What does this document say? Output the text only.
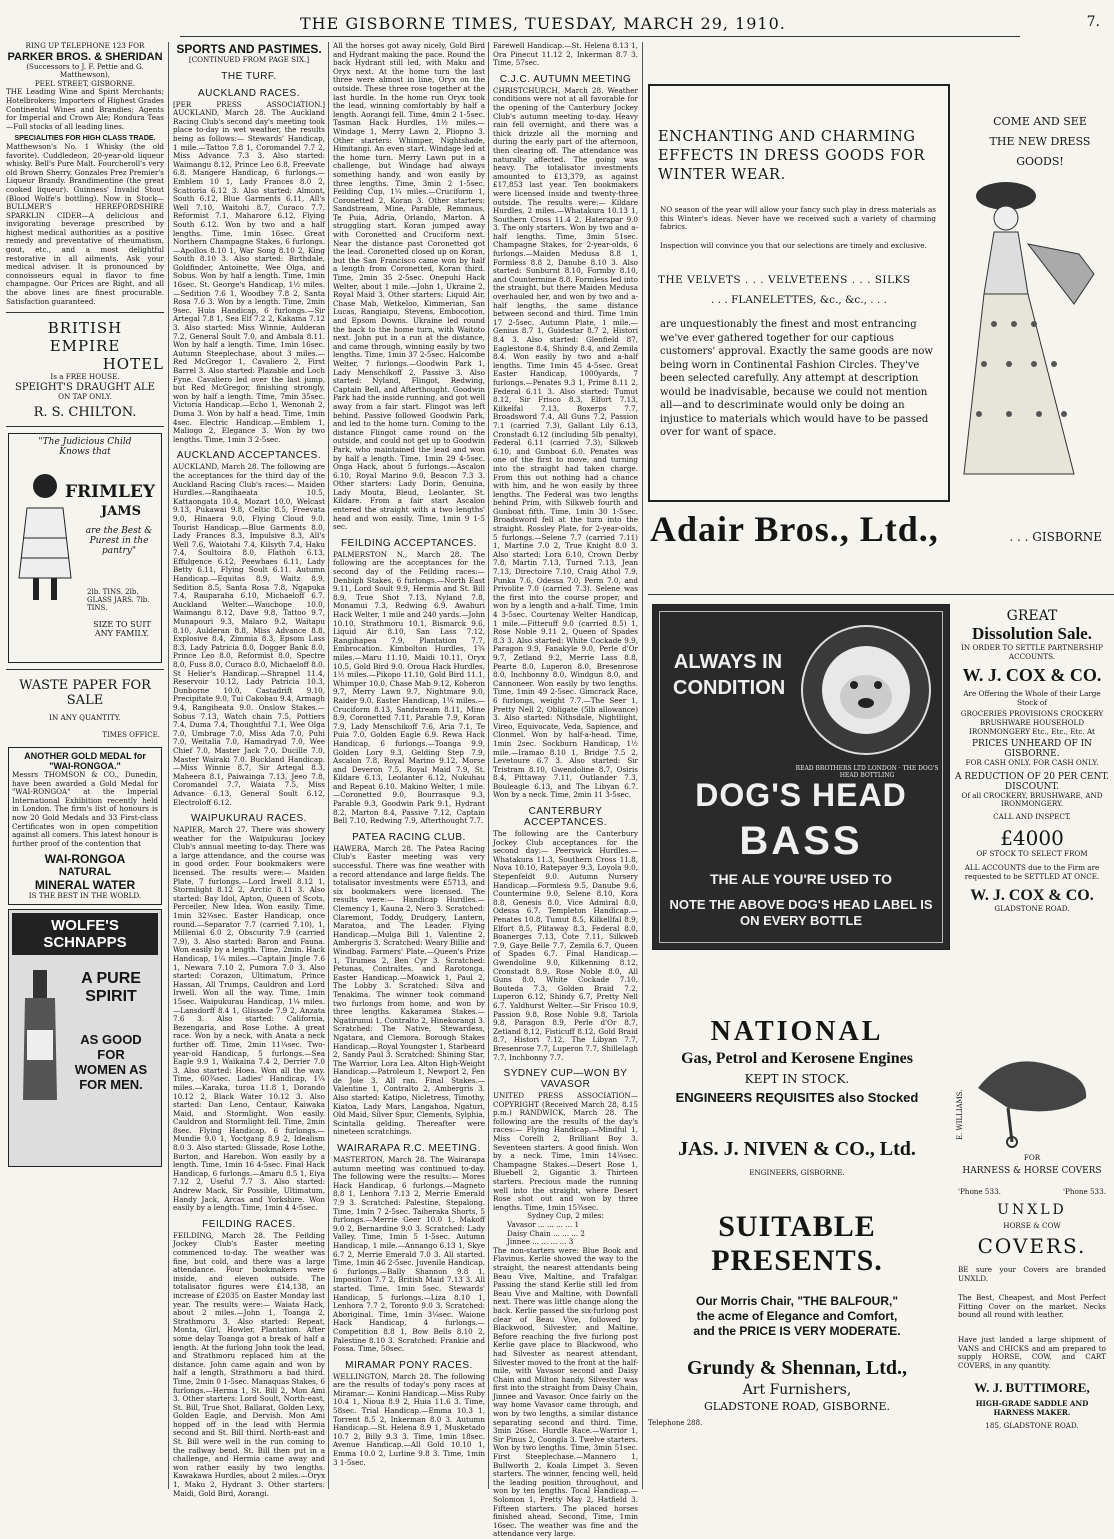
THE GISBORNE TIMES, TUESDAY, MARCH 29, 1910.	7.
RING UP TELEPHONE 123 FOR
PARKER BROS. & SHERIDAN
(Successors to J. F. Pettie and G. Matthewson),
PEEL STREET, GISBORNE.
THE Leading Wine and Spirit Merchants; Hotelbrokers; Importers of Highest Grades Continental Wines and Brandies; Agents for Imperial and Crown Ale; Rondura Teas—Full stocks of all leading lines.
SPECIALITIES FOR HIGH CLASS TRADE.
Matthewson's No. 1 Whisky (the old favorite). Cuddledeon, 20-year-old liqueur whisky. Bell's Pure Malt. Fourcheroll's very old Brown Sherry. Gonzales Prez Premier's Liqueur Brandy. Brandimentine (the great cooked liqueur). Guinness' Invalid Stout (Blood Wolfe's bottling). Now in Stock—BULLMER'S HEREFORDSHIRE SPARKLIN CIDER—A delicious and invigorating beverage prescribed by highest medical authorities as a positive remedy and preventative of rheumatism, gout, etc., and a most delightful restorative in all ailments. Ask your medical adviser. It is pronounced by connoisseurs equal in flavor to fine champagne. Our Prices are Right, and all the above lines are finest procurable. Satisfaction guaranteed.
BRITISH
EMPIRE
HOTEL
Is a FREE HOUSE.
SPEIGHT'S DRAUGHT ALE
ON TAP ONLY.
R. S. CHILTON.
"The Judicious Child Knows that
FRIMLEY
JAMS
are the Best & Purest in the pantry"
2lb. TINS. 2lb. GLASS JARS. 7lb. TINS.
SIZE TO SUIT ANY FAMILY.
WASTE PAPER FOR SALE
IN ANY QUANTITY.
TIMES OFFICE.
ANOTHER GOLD MEDAL for "WAI-RONGOA."
Messrs THOMSON & CO., Dunedin, have been awarded a Gold Medal for "WAI-RONGOA" at the Imperial International Exhibition recently held in London. The firm's list of honours is now 20 Gold Medals and 33 First-class Certificates won in open competition against all comers. This latest honour is further proof of the contention that
WAI-RONGOA
NATURAL
MINERAL WATER
IS THE BEST IN THE WORLD.
WOLFE'S SCHNAPPS
A PURE SPIRIT
AS GOOD FOR WOMEN AS FOR MEN.
SPORTS AND PASTIMES.
[CONTINUED FROM PAGE SIX.]
THE TURF.
AUCKLAND RACES.
[PER PRESS ASSOCIATION.] AUCKLAND, March 28. The Auckland Racing Club's second day's meeting took place to-day in wet weather, the results being as follows:— Stewards' Handicap, 1 mile.—Tattoo 7.8 1, Coromandel 7.7 2, Miss Advance 7.3 3. Also started: Waimangu 8.12, Prince Leo 6.8, Freevate 6.8. Mangere Handicap, 6 furlongs.—Emblem 10 1, Lady Frances 8.0 2, Scattoria 6.12 3. Also started: Almont, South 6.12, Blue Garments 6.11, All's Well 7.10, Waitohi 8.7, Curaco 7.7, Reformist 7.1, Maharore 6.12, Flying South 6.12. Won by two and a half lengths. Time, 1min 16sec. Great Northern Champagne Stakes, 6 furlongs.—Apollos 8.10 1, War Song 8.10 2, King South 8.10 3. Also started: Birthdale, Goldfinder, Antoinette, Wee Olga, and Sobus. Won by half a length. Time, 1min 16sec. St. George's Handicap, 1½ miles.—Sedition 7.6 1, Woodbey 7.8 2, Santa Rosa 7.6 3. Won by a length. Time, 2min 9sec. Huia Handicap, 6 furlongs.—Sir Artegal 7.8 1, Sea Elf 7.2 2, Kakama 7.12 3. Also started: Miss Winnie, Aulderan 7.2, General Soult 7.0, and Ambala 8.11. Won by half a length. Time, 1min 16sec. Autumn Steeplechase, about 3 miles.—Red McGregor 1, Cavaliero 2, First Barrel 3. Also started: Plazable and Loch Fyne. Cavaliero led over the last jump, but Red McGregor, finishing strongly, won by half a length. Time, 7min 35sec. Victoria Handicap.—Echo 1, Wenonah 2, Duma 3. Won by half a head. Time, 1min 4sec. Electric Handicap.—Emblem 1, Maliogo 2, Elegance 3. Won by two lengths. Time, 1min 3 2-5sec.
AUCKLAND ACCEPTANCES.
AUCKLAND, March 28. The following are the acceptances for the third day of the Auckland Racing Club's races:— Maiden Hurdles.—Rangihaeata 10.5, Kattaongata 10.4, Mozart 10.0, Welcast 9.13, Pukawai 9.8, Celtic 8.5, Freevata 9.0, Hinaera 9.0, Flying Cloud 9.0. Tourist Handicap.—Blue Garments 8.0, Lady Frances 8.3, Impulsive 8.3, All's Well 7.6, Waiotahi 7.4, Kilsyth 7.4, Haku 7.4, Soultoira 8.0, Flathoh 6.13, Effulgence 6.12, Peewhaes 6.11, Lady Betty 6.11, Flying Soult 6.11. Autumn Handicap.—Equitas 8.9, Waitz 8.9, Sedition 8.5, Santa Rosa 7.8, Ngapuka 7.4, Rauparaha 6.10, Michaeloff 6.7. Auckland Welter.—Waucbope 10.0, Waimangu 8.12, Dave 9.8, Tattoo 9.7, Munapouri 9.3, Malaro 9.2, Waitapu 8.10, Aulderan 8.8, Miss Advance 8.8, Explosive 8.4, Zimmia 8.3, Epsom Lass 8.3, Lady Patricia 8.0, Dogger Bank 8.0, Prince Leo 8.0, Reformist 8.0, Spectre 8.0, Fuss 8.0, Curaco 8.0, Michaeloff 8.0. St Helier's Handicap.—Shrapnel 11.4, Reservoir 10.12, Lady Patricia 10.3, Dunborne 10.0, Castadrift 9.10, Precipitate 9.0, Tui Cakobau 9.4, Armagh 9.4, Rangiheata 9.0. Onslow Stakes.—Sobus 7.13, Watch chain 7.5, Pottiers 7.4, Duma 7.4, Thoughtful 7.1, Wee Olga 7.0, Umbrage 7.0, Miss Ada 7.0, Puhi 7.0, Weitalia 7.0, Hamadryad 7.0, Wee Chief 7.0, Master Jack 7.0, Ducille 7.0, Master Wairaki 7.0. Buckland Handicap.—Miss Winnie 8.7, Sir Artegal 8.3, Maheera 8.1, Paiwainga 7.13, Jeeo 7.8, Coromandel 7.7, Waiata 7.5, Miss Advance 6.13, General Soult 6.12, Electroloff 6.12.
WAIPUKURAU RACES.
NAPIER, March 27. There was showery weather for the Waipukurau Jockey Club's annual meeting to-day. There was a large attendance, and the course was in good order. Four bookmakers were licensed. The results were:— Maiden Plate, 7 furlongs.—Lord Irwell 8.12 1, Stormlight 8.12 2, Arctic 8.11 3. Also started: Bay Idol, Apton, Queen of Scots, Perceiler, New Idea. Won easily. Time, 1min 32¼sec. Easter Handicap, once round.—Separator 7.7 (carried 7.10), 1, Millenial 6.0 2, Obscurity 7.9 (carried 7.9), 3. Also started: Baron and Fauna. Won easily by a length. Time, 2min. Hack Handicap, 1¼ miles.—Captain Jingle 7.6 1, Newara 7.10 2, Pumora 7.0 3. Also started: Corazon, Ultimatum, Prince Hassan, All Trumps, Cauldron and Lord Irwell. Won all the way. Time, 1min 15sec. Waipukurau Handicap, 1¼ miles.—Lansdorff 8.4 1, Glissade 7.9 2, Anzata 7.6 3. Also started: California, Bezengaria, and Rose Lothe. A great race. Won by a neck, with Anata a neck further off. Time, 2min 11¼sec. Two-year-old Handicap, 5 furlongs.—Sea Eagle 9.9 1, Waikaina 7.4 2, Derrier 7.0 3. Also started: Hoea. Won all the way. Time, 60¾sec. Ladies' Handicap, 1¼ miles.—Karaka, turoa 11.8 1, Dorando 10.12 2, Black Water 10.12 3. Also started: Dan Leno, Centaur, Kaiwaka Maid, and Stormlight. Won easily. Cauldron and Stormlight fell. Time, 2min 8sec. Flying Handicap, 6 furlongs.—Mundie 9.0 1, Yoctgang 8.9 2, Idealism 8.0 3. Also started: Glissade, Rose Lothe, Burton, and Harebon. Won easily by a length. Time, 1min 16 4-5sec. Final Hack Handicap, 6 furlongs.—Amaru 8.5 1, Eiya 7.12 2, Useful 7.7 3. Also started: Andrew Mack, Sir Possible, Ultimatum, Handy Jack, Arcas and Yorkshire. Won easily by a length. Time, 1min 4 4-5sec.
FEILDING RACES.
FEILDING, March 28. The Feilding Jockey Club's Easter meeting commenced to-day. The weather was fine, but cold, and there was a large attendance. Four bookmakers were inside, and eleven outside. The totalisator figures were £14,138, an increase of £2035 on Easter Monday last year. The results were:— Waiata Hack, about 2 miles.—John 1, Toanga 2, Strathmoru 3. Also started: Repeat, Monta, Girl, Howler, Plantation. After some delay Toanga got a break of half a length. At the furlong John took the lead, and Strathmoru replaced him at the distance. John came again and won by half a length, Strathmoru a bad third. Time, 2min 0 1-5sec. Manaquas Stakes, 6 furlongs.—Herma 1, St. Bill 2, Mon Ami 3. Other starters: Lord Soult, North-east, St. Bill, True Shot, Ballarat, Golden Lexy, Golden Eagle, and Dervish. Mon Ami hopped off in the lead with Hermia second and St. Bill third. North-east and St. Bill were well in the run coming to the railway bend. St. Bill then put in a challenge, and Hermia came away and won rather easily by two lengths. Kawakawa Hurdles, about 2 miles.—Oryx 1, Maku 2, Hydrant 3. Other starters: Maidi, Gold Bird, Aorangi.
All the horses got away nicely, Gold Bird and Hydrant making the pace. Round the back Hydrant still led, with Maku and Oryx next. At the home turn the last three were almost in line, Oryx on the outside. These three rose together at the last hurdle. In the home run Oryx took the lead, winning comfortably by half a length. Aorangi fell. Time, 4min 2 1-5sec. Tasman Hack Hurdles, 1½ miles.—Windage 1, Merry Lawn 2, Pliopno 3. Other starters: Whimper, Nightshade, Himitangi. An even start. Windage led at the home turn. Merry Lawn put in a challenge, but Windage had always something handy, and won easily by three lengths. Time, 3min 2 1-5sec. Feilding Cup, 1¼ miles.—Cruciform 1, Coronetted 2, Koran 3. Other starters: Sandstream, Mine, Parable, Remmaus, Te Puia, Adria, Orlando, Marton. A struggling start. Koran jumped away with Coronetted and Cruciform next. Near the distance past Coronetted got the lead. Coronetted closed up on Koran, but the San Francisco came won by half a length from Coronetted, Koran third. Time, 2min 35 2-5sec. Onepuhi Hack Welter, about 1 mile.—John 1, Ukraine 2, Royal Maid 3. Other starters: Liquid Air, Chase Mab, Wetkeloo, Kimmerian, San Lucas, Rangiaipu, Stevens, Embocotion, and Epsom Downs. Ukraine led round the back to the home turn, with Waitoto next. John put in a run at the distance, and came through, winning easily by two lengths. Time, 1min 37 2-5sec. Halcombe Welter, 7 furlongs.—Goodwin Park 1, Lady Menschikoff 2, Passive 3. Also started: Nyland, Flingot, Redwing, Captain Bell, and Afterthought. Goodwin Park had the inside running, and got well away from a fair start. Flingot was left behind. Passive followed Goodwin Park, and led to the home turn. Coming to the distance Flingot came round on the outside, and could not get up to Goodwin Park, who maintained the lead and won by half a length. Time, 1min 29 4-5sec. Onga Hack, about 5 furlongs.—Ascalon 6.10, Royal Marino 9.0, Beacon 7.3 3. Other starters: Lady Dorin, Genuina, Lady Mouta, Bleud, Leolanter, St. Kildare. From a fair start Ascalon entered the straight with a two lengths' head and won easily. Time, 1min 9 1-5 sec.
FEILDING ACCEPTANCES.
PALMERSTON N., March 28. The following are the acceptances for the second day of the Feilding races:— Denbigh Stakes, 6 furlongs.—North East 9.11, Lord Soult 9.9, Hermia and St. Bill 8.9, True Shot 7.13, Nyland 7.8, Monamui 7.3, Redwing 6.9. Awahuri Hack Welter, 1 mile and 240 yards.—John 10.10, Strathmoru 10.1, Bismarck 9.6, Liquid Air 8.10, San Lass 7.12, Rangihapea 7.9, Plantation 7.7, Embrocation. Kimbolton Hurdles, 1¾ miles.—Maru 11.10, Maidi 10.11, Oryx 10.5, Gold Bird 9.0. Oroua Hack Hurdles, 1½ miles.—Pikopo 11.10, Gold Bird 11.1, Whimper 10.0, Chase Mab 9.12, Koheron 9.7, Merry Lawn 9.7, Nightmare 9.0, Raider 9.0. Easter Handicap, 1¼ miles.—Cruciform 8.13, Sandstream 8.11, Mine 8.9, Coronetted 7.11, Parable 7.9, Koran 7.9, Lady Menschikoff 7.6, Aria 7.1, Te Puia 7.0, Golden Eagle 6.9. Rewa Hack Handicap, 6 furlongs.—Toanga 9.9, Golden Lory 9.3, Gelding Step 7.9, Ascalon 7.8, Royal Marino 9.12, Morse and Deveron 7.5, Royal Maid 7.9, St. Kildare 6.13, Leolanter 6.12, Nukuhau and Repeat 6.10. Makino Welter, 1 mile.—Coronetted 9.0, Bourrasque 9.3, Parable 9.3, Goodwin Park 9.1, Hydrant 8.2, Marton 8.4, Passive 7.12, Captain Bell 7.10, Redwing 7.9, Afterthought 7.7.
PATEA RACING CLUB.
HAWERA, March 28. The Patea Racing Club's Easter meeting was very successful. There was fine weather with a record attendance and large fields. The totalisator investments were £5713, and six bookmakers were licensed. The results were:— Handicap Hurdles.—Clemency 1, Kauna 2, Nero 3. Scratched: Claremont, Toddy, Drudgery, Lantern, Maratoa, and The Leader. Flying Handicap.—Mulga Bill 1, Valentine 2, Ambergris 3. Scratched: Weary Billie and Windbag. Farmers' Plate.—Queen's Prize 1, Tirumea 2, Ben Cyr 3. Scratched: Petunas, Contraltes, and Rarotonga. Easter Handicap.—Moawick 1, Paul 2, The Lobby 3. Scratched: Silva and Tenakima. The winner took command two furlongs from home, and won by three lengths. Kakaramea Stakes.—Ngatirunui 1, Contralto 2, Hinekorangi 3. Scratched: The Native, Stewardess, Ngatara, and Clemora. Borough Stakes Handicap.—Royal Youngster 1, Starbeard 2, Sandy Paul 3. Scratched: Shining Star, The Warrior, Lora Lea. Alton High-Weight Handicap.—Patroleum 1, Newport 2, Fen de Joie 3. All ran. Final Stakes.—Valentine 1, Contralto 2, Ambergris 3. Also started: Katipo, Nicletress, Timothy, Kiatoa, Lady Mars, Langahoa, Ngaturi, Old Maid, Silver Spur, Clements, Sylphia, Scintalla gelding. Thereafter were nineteen scratchings.
WAIRARAPA R.C. MEETING.
MASTERTON, March 28. The Wairarapa autumn meeting was continued to-day. The following were the results:— Mores Hack Handicap, 6 furlongs.—Magneto 8.8 1, Lenhora 7.13 2, Merrie Emerald 7.9 3. Scratched: Palestine, Stepalong. Time, 1min 7 2-5sec. Taiheraka Shorts, 5 furlongs.—Merrie Geer 10.0 1, Makoff 9.0 2, Bernardine 9.0 3. Scratched: Lady Valley. Time, 1min 5 1-5sec. Autumn Handicap, 1 mile.—Annango 6.13 1, Skye 6.7 2, Merrie Emerald 7.0 3. All started. Time, 1min 46 2-5sec. Juvenile Handicap, 6 furlongs.—Bally Shannon 9.8 1, Imposition 7.7 2, British Maid 7.13 3. All started. Time, 1min 5sec. Stewards' Handicap, 5 furlongs.—Liza 8.10 1, Lenhora 7.7 2, Toronto 9.0 3. Scratched: Aboriginal. Time, 1min 3¼sec. Waione Hack Handicap, 4 furlongs.—Competition 8.8 1, Bow Bells 8.10 2, Palestine 8.10 3. Scratched: Frankie and Fossa. Time, 50sec.
MIRAMAR PONY RACES.
WELLINGTON, March 28. The following are the results of today's pony races at Miramar:— Konini Handicap.—Miss Ruby 10.4 1, Nioua 8.9 2, Huia 11.6 3. Time, 58sec. Trial Handicap.—Emma 10.3 1, Torrent 8.5 2, Inkerman 8.0 3. Autumn Handicap.—St. Helena 8.9 1, Musketado 10.7 2, Billy 9.3 3. Time, 1min 18sec. Avenue Handicap.—All Gold 10.10 1, Emma 10.0 2, Lurline 9.8 3. Time, 1min 3 1-5sec.
Farewell Handicap.—St. Helena 8.13 1, Ora Pinecut 11.12 2, Inkerman 8.7 3. Time, 57sec.
C.J.C. AUTUMN MEETING
CHRISTCHURCH, March 28. Weather conditions were not at all favorable for the opening of the Canterbury Jockey Club's autumn meeting to-day. Heavy rain fell overnight, and there was a thick drizzle all the morning and during the early part of the afternoon, then clearing off. The attendance was naturally affected. The going was heavy. The totalisator investments amounted to £13,379, as against £17,853 last year. Ten bookmakers were licensed inside and twenty-three outside. The results were:— Kildare Hurdles, 2 miles.—Whatakura 10.13 1, Southern Cross 11.4 2, Haterapar 9.0 3. The only starters. Won by two and a-half lengths. Time, 3min 51sec. Champagne Stakes, for 2-year-olds, 6 furlongs.—Maiden Medusa 8.8 1, Formless 8.8 2, Danube 8.10 3. Also started: Sunburnt 8.10, Formby 8.10, and Countermine 8.8. Formless led into the straight, but there Maiden Medusa overhauled her, and won by two and a-half lengths, the same distance between second and third. Time 1min 17 2-5sec. Autumn Plate, 1 mile.—Genius 8.7 1, Guidestar 8.7 2, Histori 8.4 3. Also started: Glenfield 87, Eaglestone 8.4, Shindy 8.4, and Zemila 8.4. Won easily by two and a-half lengths. Time 1min 45 4-5sec. Great Easter Handicap, 1000yards, 7 furlongs.—Penates 9.3 1, Prime 8.11 2, Federal 6.11 3. Also started: Tumut 8.12, Sir Frisco 8.3, Elfort 7.13, Kilkelfal 7.13, Boxerps 7.7, Broadsword 7.4, All Guns 7.2, Passion 7.1 (carried 7.3), Gallant Lily 6.13, Cronstadt 6.12 (including 5lb penalty), Federal 6.11 (carried 7.3), Silkweb 6.10, and Gunboat 6.0. Penates was one of the first to move, and turning into the straight had taken charge. From this out nothing had a chance with him, and he won easily by three lengths. The Federal was two lengths behind Prim, with Silkweb fourth and Gunboat fifth. Time, 1min 30 1-5sec. Broadsword fell at the turn into the straight. Rossley Plate, for 2-year-olds, 5 furlongs.—Selene 7.7 (carried 7.11) 1, Martine 7.0 2, True Knight 8.0 3. Also started: Lora 6.10, Crown Derby 7.8, Martin 7.13, Turned 7.13, Jean 7.13, Directoire 7.10, Craig Athol 7.9, Punka 7.6, Odessa 7.0, Perm 7.0, and Privolite 7.0 (carried 7.3). Selene was the first into the course proper, and won by a length and a-half. Time, 1min 4 3-5sec. Courtenay Welter Handicap, 1 mile.—Fitteruff 9.0 (carried 8.5) 1, Rose Noble 9.11 2, Queen of Spades 8.3 3. Also started: White Cockade 9.9, Paragon 9.9, Fanakyle 9.0, Perle d'Or 9.7, Zetland 9.2, Merrie Lass 8.8, Pearte 8.0, Luperon 8.0, Bresenrose 8.0, Inchbonny 8.0, Windgun 8.0, and Cannoneer. Won easily by two lengths. Time, 1min 49 2-5sec. Gimcrack Race, 6 furlongs, weight 7.7.—The Seer 1, Pretty Nell 2, Obligate (5lb allowance) 3. Also started: Nithsdale, Nightlight, Vireo, Equivocate, Veda, Sapience, and Clonmel. Won by half-a-head. Time, 1min 2sec. Sockburn Handicap, 1½ mile.—Iramao 8.10 1, Bridge 7.5 2, Levetoure 6.7 3. Also started: Sir Tristram 8.10, Gwendoline 8.7, Osiris 8.4, Pittaway 7.11, Outlander 7.3, Bouleagle 6.13, and The Libyan 6.7. Won by a neck. Time, 2min 11 3-5sec.
CANTERBURY ACCEPTANCES.
The following are the Canterbury Jockey Club acceptances for the second day:— Peerswick Hurdles.—Whatakura 11.3, Southern Cross 11.8, Nova 10.10, Ratepayer 9.3, Loyola 9.0, Stepenfeldt 9.0. Autumn Nursery Handicap.—Formless 9.5, Danube 9.6, Countermine 9.0, Selene 8.10, Kora 8.8, Genesis 8.0, Vice Admiral 8.0, Odessa 6.7. Templeton Handicap.—Penates 10.8, Tumut 8.5, Kilkellfal 8.9, Elfort 8.5, Plitaway 8.3, Federal 8.0, Boanerges 7.13, Cote 7.11, Silkweb 7.9, Gaye Belle 7.7, Zemila 6.7, Queen of Spades 6.7. Final Handicap.—Gwendoline 9.0, Kilkenning 8.12, Cronstadt 8.9, Rose Noble 8.0, All Guns 8.0, White Cockade 7.10, Bouteda 7.3, Golden Braid 7.2, Luperon 6.12, Shindy 6.7, Pretty Nell 6.7. Yaldhurst Welter.—Sir Frisco 10.9, Passion 9.8, Rose Noble 9.8, Tariola 9.8, Paragon 8.9, Perle d'Or 8.7, Zetland 8.12, Fisticuff 8.12, Gold Braid 8.7, Histori 7.12, The Libyan 7.7, Bresenrose 7.7, Luperon 7.7, Shillelagh 7.7, Inchbonny 7.7.
SYDNEY CUP—WON BY VAVASOR
UNITED PRESS ASSOCIATION—COPYRIGHT (Received March 28, 8.15 p.m.) RANDWICK, March 28. The following are the results of the day's races:— Flying Handicap.—Mindful 1, Miss Corelli 2, Brilliant Boy 3. Seventeen starters. A good finish. Won by a neck. Time, 1min 14¼sec. Champagne Stakes.—Desert Rose 1, Bluebell 2, Gigantic 3. Thirteen starters. Precious made the running well into the straight, where Desert Rose shot out and won by three lengths. Time, 1min 15¾sec.
Sydney Cup, 2 miles:
Vavasor ... ... ... ... 1
Daisy Chain ... ... ... 2
Jinnee ... ... ... ... 3
The non-starters were: Blue Book and Flavinus. Kerlie showed the way to the straight, the nearest attendants being Beau Vive, Maltine, and Trafalgar. Passing the stand Kerlie still led from Beau Vive and Maltine, with Downfall next. There was little change along the back. Kerlie passed the six-furlong post clear of Beau Vive, followed by Blackwood, Silvester, and Maltine. Before reaching the five furlong post Kerlie gave place to Blackwood, who had Silvester as nearest attendant, Silvester moved to the front at the half-mile, with Vavasor second and Daisy Chain and Milton handy. Silvester was first into the straight from Daisy Chain, Jinnee and Vavasor. Once fairly on the way home Vavasor came through, and won by two lengths, a similar distance separating second and third. Time, 3min 26sec. Hurdle Race.—Warrior 1, Sir Pinus 2, Coongla 3. Twelve starters. Won by two lengths. Time, 3min 51sec. First Steeplechase.—Mannero 1, Bullworth 2, Koala Limpet 3. Seven starters. The winner, fencing well, held the leading position throughout, and won by ten lengths. Tocal Handicap.—Solomon 1, Pretty May 2, Hatfield 3. Fifteen starters. The placed horses finished ahead. Second, Time, 1min 16sec. The weather was fine and the attendance very large.
ENCHANTING AND CHARMING EFFECTS IN DRESS GOODS FOR WINTER WEAR.
NO season of the year will allow your fancy such play in dress materials as this Winter's ideas. Never have we received such a variety of charming fabrics.
Inspection will convince you that our selections are timely and exclusive.
THE VELVETS . . . VELVETEENS . . . SILKS
. . . FLANELETTES, &c., &c., . . .
are unquestionably the finest and most entrancing we've ever gathered together for our captious customers' approval. Exactly the same goods are now being worn in Continental Fashion Circles. They've been selected carefully. Any attempt at description would be inadvisable, because we could not mention all—and to descriminate would only be doing an injustice to materials which would have to be passed over for want of space.
COME AND SEE THE NEW DRESS GOODS!
Adair Bros., Ltd.,	. . . GISBORNE
ALWAYS IN CONDITION
READ BROTHERS LTD LONDON · THE DOG'S HEAD BOTTLING
DOG'S HEAD
BASS
THE ALE YOU'RE USED TO
NOTE THE ABOVE DOG'S HEAD LABEL IS ON EVERY BOTTLE
GREAT
Dissolution Sale.
IN ORDER TO SETTLE PARTNERSHIP ACCOUNTS.
W. J. COX & CO.
Are Offering the Whole of their Large Stock of
GROCERIES PROVISIONS CROCKERY BRUSHWARE HOUSEHOLD IRONMONGERY Etc., Etc., Etc. At
PRICES UNHEARD OF IN GISBORNE.
FOR CASH ONLY. FOR CASH ONLY.
A REDUCTION OF 20 PER CENT. DISCOUNT.
Of all CROCKERY, BRUSHWARE, AND IRONMONGERY.
CALL AND INSPECT.
£4000
OF STOCK TO SELECT FROM
ALL ACCOUNTS due to the Firm are requested to be SETTLED AT ONCE.
W. J. COX & CO.
GLADSTONE ROAD.
NATIONAL
Gas, Petrol and Kerosene Engines
KEPT IN STOCK.
ENGINEERS REQUISITES also Stocked
JAS. J. NIVEN & CO., Ltd.
ENGINEERS, GISBORNE.
SUITABLE PRESENTS.
Our Morris Chair, "THE BALFOUR," the acme of Elegance and Comfort, and the PRICE IS VERY MODERATE.
Grundy & Shennan, Ltd.,
Art Furnishers,
GLADSTONE ROAD, GISBORNE.
Telephone 288.
E. WILLIAMS.
FOR
HARNESS & HORSE COVERS
'Phone 533.	'Phone 533.
UNXLD
HORSE & COW
COVERS.
BE sure your Covers are branded UNXLD.
The Best, Cheapest, and Most Perfect Fitting Cover on the market. Necks bound all round with leather.
Have just landed a large shipment of VANS and CHICKS and am prepared to supply HORSE, COW, and CART COVERS, in any quantity.
W. J. BUTTIMORE,
HIGH-GRADE SADDLE AND HARNESS MAKER.
185, GLADSTONE ROAD.
